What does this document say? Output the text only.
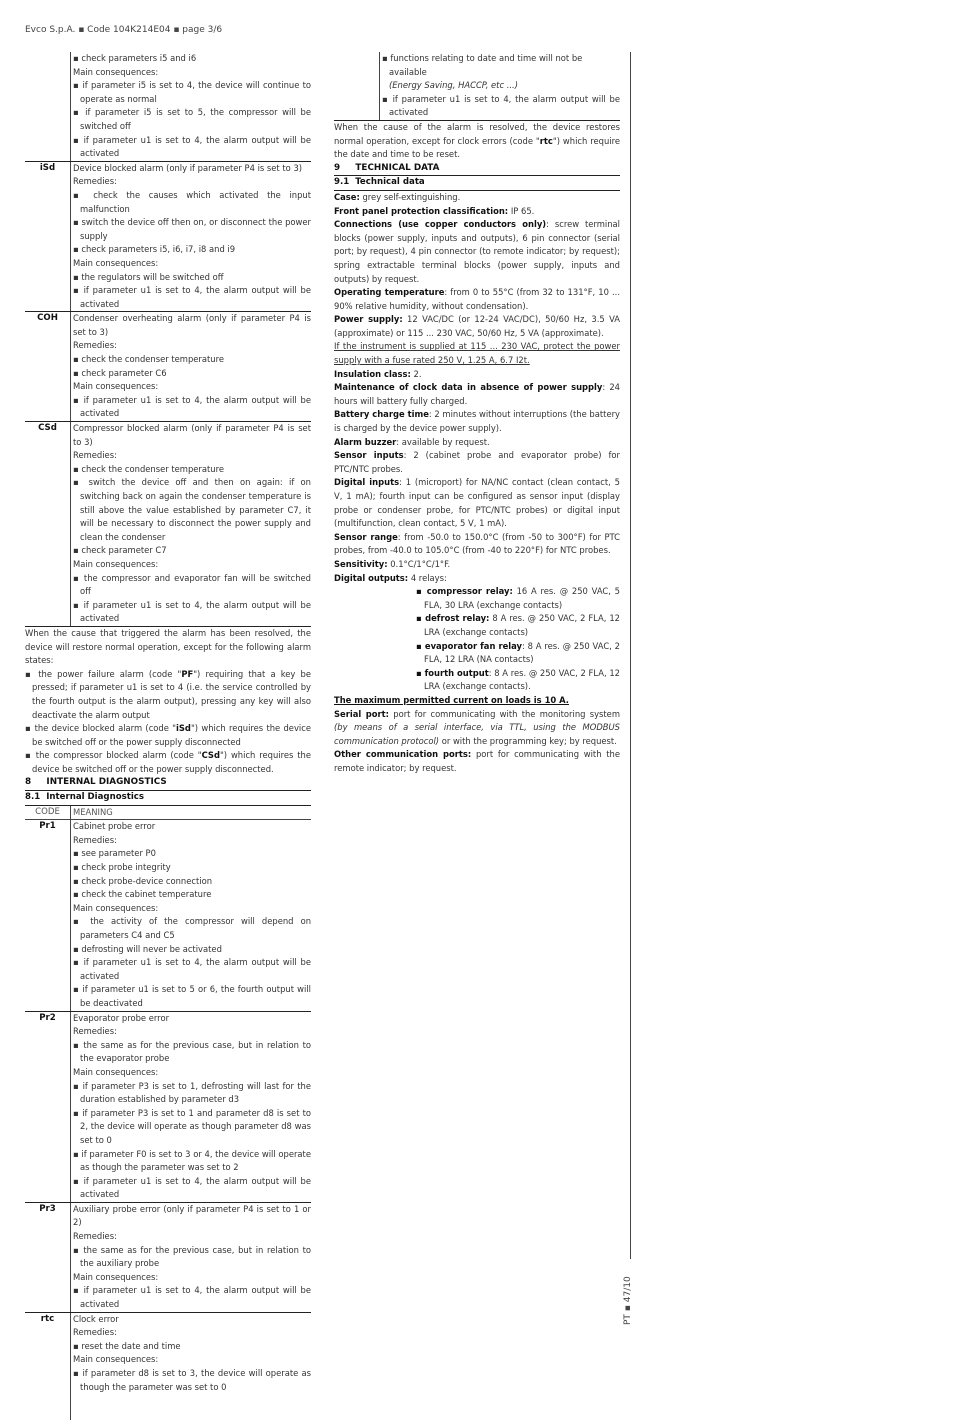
Evco S.p.A. ▪ Code 104K214E04 ▪ page 3/6
▪ check parameters i5 and i6
Main consequences:
▪ if parameter i5 is set to 4, the device will continue to operate as normal
▪ if parameter i5 is set to 5, the compressor will be switched off
▪ if parameter u1 is set to 4, the alarm output will be activated
iSd	Device blocked alarm (only if parameter P4 is set to 3)
Remedies:
▪ check the causes which activated the input malfunction
▪ switch the device off then on, or disconnect the power supply
▪ check parameters i5, i6, i7, i8 and i9
Main consequences:
▪ the regulators will be switched off
▪ if parameter u1 is set to 4, the alarm output will be activated
COH	Condenser overheating alarm (only if parameter P4 is set to 3)
Remedies:
▪ check the condenser temperature
▪ check parameter C6
Main consequences:
▪ if parameter u1 is set to 4, the alarm output will be activated
CSd	Compressor blocked alarm (only if parameter P4 is set to 3)
Remedies:
▪ check the condenser temperature
▪ switch the device off and then on again: if on switching back on again the condenser temperature is still above the value established by parameter C7, it will be necessary to disconnect the power supply and clean the condenser
▪ check parameter C7
Main consequences:
▪ the compressor and evaporator fan will be switched off
▪ if parameter u1 is set to 4, the alarm output will be activated
When the cause that triggered the alarm has been resolved, the device will restore normal operation, except for the following alarm states:
▪ the power failure alarm (code "PF") requiring that a key be pressed; if parameter u1 is set to 4 (i.e. the service controlled by the fourth output is the alarm output), pressing any key will also deactivate the alarm output
▪ the device blocked alarm (code "iSd") which requires the device be switched off or the power supply disconnected
▪ the compressor blocked alarm (code "CSd") which requires the device be switched off or the power supply disconnected.
8     INTERNAL DIAGNOSTICS
8.1  Internal Diagnostics
CODE	MEANING
Pr1	Cabinet probe error
Remedies:
▪ see parameter P0
▪ check probe integrity
▪ check probe-device connection
▪ check the cabinet temperature
Main consequences:
▪ the activity of the compressor will depend on parameters C4 and C5
▪ defrosting will never be activated
▪ if parameter u1 is set to 4, the alarm output will be activated
▪ if parameter u1 is set to 5 or 6, the fourth output will be deactivated
Pr2	Evaporator probe error
Remedies:
▪ the same as for the previous case, but in relation to the evaporator probe
Main consequences:
▪ if parameter P3 is set to 1, defrosting will last for the duration established by parameter d3
▪ if parameter P3 is set to 1 and parameter d8 is set to 2, the device will operate as though parameter d8 was set to 0
▪ if parameter F0 is set to 3 or 4, the device will operate as though the parameter was set to 2
▪ if parameter u1 is set to 4, the alarm output will be activated
Pr3	Auxiliary probe error (only if parameter P4 is set to 1 or 2)
Remedies:
▪ the same as for the previous case, but in relation to the auxiliary probe
Main consequences:
▪ if parameter u1 is set to 4, the alarm output will be activated
rtc	Clock error
Remedies:
▪ reset the date and time
Main consequences:
▪ if parameter d8 is set to 3, the device will operate as though the parameter was set to 0
▪ functions relating to date and time will not be available
(Energy Saving, HACCP, etc ...)
▪ if parameter u1 is set to 4, the alarm output will be activated
When the cause of the alarm is resolved, the device restores normal operation, except for clock errors (code "rtc") which require the date and time to be reset.
9     TECHNICAL DATA
9.1  Technical data
Case: grey self-extinguishing.
Front panel protection classification: IP 65.
Connections (use copper conductors only): screw terminal blocks (power supply, inputs and outputs), 6 pin connector (serial port; by request), 4 pin connector (to remote indicator; by request); spring extractable terminal blocks (power supply, inputs and outputs) by request.
Operating temperature: from 0 to 55°C (from 32 to 131°F, 10 ... 90% relative humidity, without condensation).
Power supply: 12 VAC/DC (or 12-24 VAC/DC), 50/60 Hz, 3.5 VA (approximate) or 115 ... 230 VAC, 50/60 Hz, 5 VA (approximate).
If the instrument is supplied at 115 ... 230 VAC, protect the power supply with a fuse rated 250 V, 1.25 A, 6.7 I2t.
Insulation class: 2.
Maintenance of clock data in absence of power supply: 24 hours will battery fully charged.
Battery charge time: 2 minutes without interruptions (the battery is charged by the device power supply).
Alarm buzzer: available by request.
Sensor inputs: 2 (cabinet probe and evaporator probe) for PTC/NTC probes.
Digital inputs: 1 (microport) for NA/NC contact (clean contact, 5 V, 1 mA); fourth input can be configured as sensor input (display probe or condenser probe, for PTC/NTC probes) or digital input (multifunction, clean contact, 5 V, 1 mA).
Sensor range: from -50.0 to 150.0°C (from -50 to 300°F) for PTC probes, from -40.0 to 105.0°C (from -40 to 220°F) for NTC probes.
Sensitivity: 0.1°C/1°C/1°F.
Digital outputs: 4 relays:
▪ compressor relay: 16 A res. @ 250 VAC, 5 FLA, 30 LRA (exchange contacts)
▪ defrost relay: 8 A res. @ 250 VAC, 2 FLA, 12 LRA (exchange contacts)
▪ evaporator fan relay: 8 A res. @ 250 VAC, 2 FLA, 12 LRA (NA contacts)
▪ fourth output: 8 A res. @ 250 VAC, 2 FLA, 12 LRA (exchange contacts).
The maximum permitted current on loads is 10 A.
Serial port: port for communicating with the monitoring system (by means of a serial interface, via TTL, using the MODBUS communication protocol) or with the programming key; by request.
Other communication ports: port for communicating with the remote indicator; by request.
PT ▪ 47/10
